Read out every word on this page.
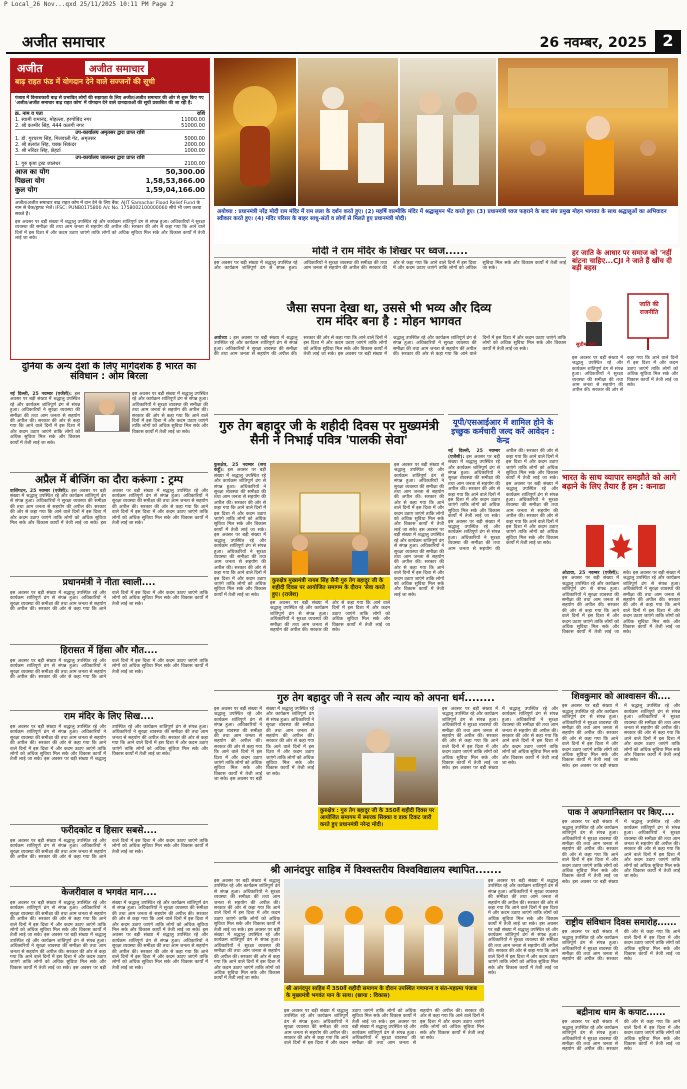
P Local_26 Nov...qxd 25/11/2025 10:11 PM Page 2
अजीत समाचार	26 नवम्बर, 2025 2
अजीत	अजीत समाचार
बाढ़ राहत फंड में योगदान देने वाले सज्जनों की सूची
पंजाब में विनाशकारी बाढ़ से प्रभावित लोगों की सहायता के लिए अजीत/अजीत समाचार की ओर से शुरू किए गए 'अजीत/अजीत समाचार बाढ़ राहत कोष' में योगदान देने वाले दानदाताओं की सूची प्रकाशित की जा रही है:
क्र. नाम व पता	राशि
1. स्वामी रामानंद, मोहल्ला, हरगोबिंद नगर	11000.00
2. श्री कश्मीर सिंह, 444 कलगी नगर	51000.00
उप-कार्यालय अमृतसर द्वारा प्राप्त राशि
1. डॉ. गुरचरण सिंह, गिलवाली गेट, अमृतसर	5000.00
2. श्री बलवंत सिंह, चक्क सिकंदर	2000.00
3. श्री नरिंदर सिंह, छेहर्टा	1000.00
उप-कार्यालय जालन्धर द्वारा प्राप्त राशि
1. गुरु कृपा ट्रस्ट जालंधर	2100.00
आज का योग	50,300.00
पिछला योग	1,58,53,866.00
कुल योग	1,59,04,166.00
अजीत/अजीत समाचार बाढ़ राहत कोष में दान देने के लिए बैंक: AJIT Samachar Flood Relief Fund के नाम से चैक/ड्राफ्ट भेजें। IFSC: PUNB0175800 A/c No. 1758002100000060 सीधे भी जमा करवा सकते हैं।
इस अवसर पर बड़ी संख्या में श्रद्धालु उपस्थित रहे और कार्यक्रम शांतिपूर्ण ढंग से संपन्न हुआ। अधिकारियों ने सुरक्षा व्यवस्था की समीक्षा की तथा आम जनता से सहयोग की अपील की। सरकार की ओर से कहा गया कि आने वाले दिनों में इस दिशा में और कदम उठाए जाएंगे ताकि लोगों को अधिक सुविधा मिल सके और विकास कार्यों में तेजी लाई जा सके।
अयोध्या : प्रधानमंत्री नरेंद्र मोदी राम मंदिर में राम लला के दर्शन करते हुए। (2) महर्षि वाल्मीकि मंदिर में श्रद्धासुमन भेंट करते हुए। (3) प्रधानमंत्री ध्वज फहराने के बाद संघ प्रमुख मोहन भागवत के साथ श्रद्धालुओं का अभिवादन स्वीकार करते हुए। (4) मंदिर परिसर के बाहर साधु-संतों व लोगों से मिलते हुए प्रधानमंत्री मोदी।
मोदी ने राम मंदिर के शिखर पर ध्वज......
इस अवसर पर बड़ी संख्या में श्रद्धालु उपस्थित रहे और कार्यक्रम शांतिपूर्ण ढंग से संपन्न हुआ। अधिकारियों ने सुरक्षा व्यवस्था की समीक्षा की तथा आम जनता से सहयोग की अपील की। सरकार की ओर से कहा गया कि आने वाले दिनों में इस दिशा में और कदम उठाए जाएंगे ताकि लोगों को अधिक सुविधा मिल सके और विकास कार्यों में तेजी लाई जा सके।
जैसा सपना देखा था, उससे भी भव्य और दिव्य राम मंदिर बना है : मोहन भागवत
अयोध्या : इस अवसर पर बड़ी संख्या में श्रद्धालु उपस्थित रहे और कार्यक्रम शांतिपूर्ण ढंग से संपन्न हुआ। अधिकारियों ने सुरक्षा व्यवस्था की समीक्षा की तथा आम जनता से सहयोग की अपील की। सरकार की ओर से कहा गया कि आने वाले दिनों में इस दिशा में और कदम उठाए जाएंगे ताकि लोगों को अधिक सुविधा मिल सके और विकास कार्यों में तेजी लाई जा सके। इस अवसर पर बड़ी संख्या में श्रद्धालु उपस्थित रहे और कार्यक्रम शांतिपूर्ण ढंग से संपन्न हुआ। अधिकारियों ने सुरक्षा व्यवस्था की समीक्षा की तथा आम जनता से सहयोग की अपील की। सरकार की ओर से कहा गया कि आने वाले दिनों में इस दिशा में और कदम उठाए जाएंगे ताकि लोगों को अधिक सुविधा मिल सके और विकास कार्यों में तेजी लाई जा सके।
हर जाति के आधार पर समाज को 'नहीं बांटना चाहिए...CJI ने जाते हैं खींच दी बड़ी बहस
जाति की राजनीति
सुप्रीम कोर्ट
इस अवसर पर बड़ी संख्या में श्रद्धालु उपस्थित रहे और कार्यक्रम शांतिपूर्ण ढंग से संपन्न हुआ। अधिकारियों ने सुरक्षा व्यवस्था की समीक्षा की तथा आम जनता से सहयोग की अपील की। सरकार की ओर से कहा गया कि आने वाले दिनों में इस दिशा में और कदम उठाए जाएंगे ताकि लोगों को अधिक सुविधा मिल सके और विकास कार्यों में तेजी लाई जा सके।
दुनिया के अन्य देशों के लिए मार्गदर्शक है भारत का संविधान : ओम बिरला
नई दिल्ली, 25 नवम्बर (एजेंसी): इस अवसर पर बड़ी संख्या में श्रद्धालु उपस्थित रहे और कार्यक्रम शांतिपूर्ण ढंग से संपन्न हुआ। अधिकारियों ने सुरक्षा व्यवस्था की समीक्षा की तथा आम जनता से सहयोग की अपील की। सरकार की ओर से कहा गया कि आने वाले दिनों में इस दिशा में और कदम उठाए जाएंगे ताकि लोगों को अधिक सुविधा मिल सके और विकास कार्यों में तेजी लाई जा सके।
इस अवसर पर बड़ी संख्या में श्रद्धालु उपस्थित रहे और कार्यक्रम शांतिपूर्ण ढंग से संपन्न हुआ। अधिकारियों ने सुरक्षा व्यवस्था की समीक्षा की तथा आम जनता से सहयोग की अपील की। सरकार की ओर से कहा गया कि आने वाले दिनों में इस दिशा में और कदम उठाए जाएंगे ताकि लोगों को अधिक सुविधा मिल सके और विकास कार्यों में तेजी लाई जा सके।
अप्रैल में बीजिंग का दौरा करूंगा : ट्रम्प
वाशिंगटन, 25 नवम्बर (एजेंसी): इस अवसर पर बड़ी संख्या में श्रद्धालु उपस्थित रहे और कार्यक्रम शांतिपूर्ण ढंग से संपन्न हुआ। अधिकारियों ने सुरक्षा व्यवस्था की समीक्षा की तथा आम जनता से सहयोग की अपील की। सरकार की ओर से कहा गया कि आने वाले दिनों में इस दिशा में और कदम उठाए जाएंगे ताकि लोगों को अधिक सुविधा मिल सके और विकास कार्यों में तेजी लाई जा सके। इस अवसर पर बड़ी संख्या में श्रद्धालु उपस्थित रहे और कार्यक्रम शांतिपूर्ण ढंग से संपन्न हुआ। अधिकारियों ने सुरक्षा व्यवस्था की समीक्षा की तथा आम जनता से सहयोग की अपील की। सरकार की ओर से कहा गया कि आने वाले दिनों में इस दिशा में और कदम उठाए जाएंगे ताकि लोगों को अधिक सुविधा मिल सके और विकास कार्यों में तेजी लाई जा सके।
प्रधानमंत्री ने नीता स्वाली....
इस अवसर पर बड़ी संख्या में श्रद्धालु उपस्थित रहे और कार्यक्रम शांतिपूर्ण ढंग से संपन्न हुआ। अधिकारियों ने सुरक्षा व्यवस्था की समीक्षा की तथा आम जनता से सहयोग की अपील की। सरकार की ओर से कहा गया कि आने वाले दिनों में इस दिशा में और कदम उठाए जाएंगे ताकि लोगों को अधिक सुविधा मिल सके और विकास कार्यों में तेजी लाई जा सके।
हिरासत में हिंसा और मौत....
इस अवसर पर बड़ी संख्या में श्रद्धालु उपस्थित रहे और कार्यक्रम शांतिपूर्ण ढंग से संपन्न हुआ। अधिकारियों ने सुरक्षा व्यवस्था की समीक्षा की तथा आम जनता से सहयोग की अपील की। सरकार की ओर से कहा गया कि आने वाले दिनों में इस दिशा में और कदम उठाए जाएंगे ताकि लोगों को अधिक सुविधा मिल सके और विकास कार्यों में तेजी लाई जा सके।
राम मंदिर के लिए सिख....
इस अवसर पर बड़ी संख्या में श्रद्धालु उपस्थित रहे और कार्यक्रम शांतिपूर्ण ढंग से संपन्न हुआ। अधिकारियों ने सुरक्षा व्यवस्था की समीक्षा की तथा आम जनता से सहयोग की अपील की। सरकार की ओर से कहा गया कि आने वाले दिनों में इस दिशा में और कदम उठाए जाएंगे ताकि लोगों को अधिक सुविधा मिल सके और विकास कार्यों में तेजी लाई जा सके। इस अवसर पर बड़ी संख्या में श्रद्धालु उपस्थित रहे और कार्यक्रम शांतिपूर्ण ढंग से संपन्न हुआ। अधिकारियों ने सुरक्षा व्यवस्था की समीक्षा की तथा आम जनता से सहयोग की अपील की। सरकार की ओर से कहा गया कि आने वाले दिनों में इस दिशा में और कदम उठाए जाएंगे ताकि लोगों को अधिक सुविधा मिल सके और विकास कार्यों में तेजी लाई जा सके।
फरीदकोट व हिसार सबसे....
इस अवसर पर बड़ी संख्या में श्रद्धालु उपस्थित रहे और कार्यक्रम शांतिपूर्ण ढंग से संपन्न हुआ। अधिकारियों ने सुरक्षा व्यवस्था की समीक्षा की तथा आम जनता से सहयोग की अपील की। सरकार की ओर से कहा गया कि आने वाले दिनों में इस दिशा में और कदम उठाए जाएंगे ताकि लोगों को अधिक सुविधा मिल सके और विकास कार्यों में तेजी लाई जा सके।
केजरीवाल व भगवंत मान....
इस अवसर पर बड़ी संख्या में श्रद्धालु उपस्थित रहे और कार्यक्रम शांतिपूर्ण ढंग से संपन्न हुआ। अधिकारियों ने सुरक्षा व्यवस्था की समीक्षा की तथा आम जनता से सहयोग की अपील की। सरकार की ओर से कहा गया कि आने वाले दिनों में इस दिशा में और कदम उठाए जाएंगे ताकि लोगों को अधिक सुविधा मिल सके और विकास कार्यों में तेजी लाई जा सके। इस अवसर पर बड़ी संख्या में श्रद्धालु उपस्थित रहे और कार्यक्रम शांतिपूर्ण ढंग से संपन्न हुआ। अधिकारियों ने सुरक्षा व्यवस्था की समीक्षा की तथा आम जनता से सहयोग की अपील की। सरकार की ओर से कहा गया कि आने वाले दिनों में इस दिशा में और कदम उठाए जाएंगे ताकि लोगों को अधिक सुविधा मिल सके और विकास कार्यों में तेजी लाई जा सके। इस अवसर पर बड़ी संख्या में श्रद्धालु उपस्थित रहे और कार्यक्रम शांतिपूर्ण ढंग से संपन्न हुआ। अधिकारियों ने सुरक्षा व्यवस्था की समीक्षा की तथा आम जनता से सहयोग की अपील की। सरकार की ओर से कहा गया कि आने वाले दिनों में इस दिशा में और कदम उठाए जाएंगे ताकि लोगों को अधिक सुविधा मिल सके और विकास कार्यों में तेजी लाई जा सके। इस अवसर पर बड़ी संख्या में श्रद्धालु उपस्थित रहे और कार्यक्रम शांतिपूर्ण ढंग से संपन्न हुआ। अधिकारियों ने सुरक्षा व्यवस्था की समीक्षा की तथा आम जनता से सहयोग की अपील की। सरकार की ओर से कहा गया कि आने वाले दिनों में इस दिशा में और कदम उठाए जाएंगे ताकि लोगों को अधिक सुविधा मिल सके और विकास कार्यों में तेजी लाई जा सके।
गुरु तेग बहादुर जी के शहीदी दिवस पर मुख्यमंत्री सैनी ने निभाई पवित्र 'पालकी सेवा'
कुरुक्षेत्र, 25 नवम्बर (सच कहूँ): इस अवसर पर बड़ी संख्या में श्रद्धालु उपस्थित रहे और कार्यक्रम शांतिपूर्ण ढंग से संपन्न हुआ। अधिकारियों ने सुरक्षा व्यवस्था की समीक्षा की तथा आम जनता से सहयोग की अपील की। सरकार की ओर से कहा गया कि आने वाले दिनों में इस दिशा में और कदम उठाए जाएंगे ताकि लोगों को अधिक सुविधा मिल सके और विकास कार्यों में तेजी लाई जा सके। इस अवसर पर बड़ी संख्या में श्रद्धालु उपस्थित रहे और कार्यक्रम शांतिपूर्ण ढंग से संपन्न हुआ। अधिकारियों ने सुरक्षा व्यवस्था की समीक्षा की तथा आम जनता से सहयोग की अपील की। सरकार की ओर से कहा गया कि आने वाले दिनों में इस दिशा में और कदम उठाए जाएंगे ताकि लोगों को अधिक सुविधा मिल सके और विकास कार्यों में तेजी लाई जा सके।
कुरुक्षेत्र मुख्यमंत्री नायब सिंह सैनी गुरु तेग बहादुर जी के शहीदी दिवस पर आयोजित समागम के दौरान 'सेवा करते हुए। (राजेश)
इस अवसर पर बड़ी संख्या में श्रद्धालु उपस्थित रहे और कार्यक्रम शांतिपूर्ण ढंग से संपन्न हुआ। अधिकारियों ने सुरक्षा व्यवस्था की समीक्षा की तथा आम जनता से सहयोग की अपील की। सरकार की ओर से कहा गया कि आने वाले दिनों में इस दिशा में और कदम उठाए जाएंगे ताकि लोगों को अधिक सुविधा मिल सके और विकास कार्यों में तेजी लाई जा सके। इस अवसर पर बड़ी संख्या में श्रद्धालु उपस्थित रहे और कार्यक्रम शांतिपूर्ण ढंग से संपन्न हुआ। अधिकारियों ने सुरक्षा व्यवस्था की समीक्षा की तथा आम जनता से सहयोग की अपील की। सरकार की ओर से कहा गया कि आने वाले दिनों में इस दिशा में और कदम उठाए जाएंगे ताकि लोगों को अधिक सुविधा मिल सके और विकास कार्यों में तेजी लाई जा सके।
इस अवसर पर बड़ी संख्या में श्रद्धालु उपस्थित रहे और कार्यक्रम शांतिपूर्ण ढंग से संपन्न हुआ। अधिकारियों ने सुरक्षा व्यवस्था की समीक्षा की तथा आम जनता से सहयोग की अपील की। सरकार की ओर से कहा गया कि आने वाले दिनों में इस दिशा में और कदम उठाए जाएंगे ताकि लोगों को अधिक सुविधा मिल सके और विकास कार्यों में तेजी लाई जा सके।
यूपी/एसआईआर में शामिल होने के इच्छुक कर्मचारी जल्द करें आवेदन : केन्द्र
नई दिल्ली, 25 नवम्बर (एजेंसी): इस अवसर पर बड़ी संख्या में श्रद्धालु उपस्थित रहे और कार्यक्रम शांतिपूर्ण ढंग से संपन्न हुआ। अधिकारियों ने सुरक्षा व्यवस्था की समीक्षा की तथा आम जनता से सहयोग की अपील की। सरकार की ओर से कहा गया कि आने वाले दिनों में इस दिशा में और कदम उठाए जाएंगे ताकि लोगों को अधिक सुविधा मिल सके और विकास कार्यों में तेजी लाई जा सके। इस अवसर पर बड़ी संख्या में श्रद्धालु उपस्थित रहे और कार्यक्रम शांतिपूर्ण ढंग से संपन्न हुआ। अधिकारियों ने सुरक्षा व्यवस्था की समीक्षा की तथा आम जनता से सहयोग की अपील की। सरकार की ओर से कहा गया कि आने वाले दिनों में इस दिशा में और कदम उठाए जाएंगे ताकि लोगों को अधिक सुविधा मिल सके और विकास कार्यों में तेजी लाई जा सके। इस अवसर पर बड़ी संख्या में श्रद्धालु उपस्थित रहे और कार्यक्रम शांतिपूर्ण ढंग से संपन्न हुआ। अधिकारियों ने सुरक्षा व्यवस्था की समीक्षा की तथा आम जनता से सहयोग की अपील की। सरकार की ओर से कहा गया कि आने वाले दिनों में इस दिशा में और कदम उठाए जाएंगे ताकि लोगों को अधिक सुविधा मिल सके और विकास कार्यों में तेजी लाई जा सके।
भारत के साथ व्यापार समझौते को आगे बढ़ाने के लिए तैयार हैं हम : कनाडा
ओटावा, 25 नवम्बर (एजेंसी): इस अवसर पर बड़ी संख्या में श्रद्धालु उपस्थित रहे और कार्यक्रम शांतिपूर्ण ढंग से संपन्न हुआ। अधिकारियों ने सुरक्षा व्यवस्था की समीक्षा की तथा आम जनता से सहयोग की अपील की। सरकार की ओर से कहा गया कि आने वाले दिनों में इस दिशा में और कदम उठाए जाएंगे ताकि लोगों को अधिक सुविधा मिल सके और विकास कार्यों में तेजी लाई जा सके। इस अवसर पर बड़ी संख्या में श्रद्धालु उपस्थित रहे और कार्यक्रम शांतिपूर्ण ढंग से संपन्न हुआ। अधिकारियों ने सुरक्षा व्यवस्था की समीक्षा की तथा आम जनता से सहयोग की अपील की। सरकार की ओर से कहा गया कि आने वाले दिनों में इस दिशा में और कदम उठाए जाएंगे ताकि लोगों को अधिक सुविधा मिल सके और विकास कार्यों में तेजी लाई जा सके।
गुरु तेग बहादुर जी ने सत्य और न्याय को अपना धर्म........
इस अवसर पर बड़ी संख्या में श्रद्धालु उपस्थित रहे और कार्यक्रम शांतिपूर्ण ढंग से संपन्न हुआ। अधिकारियों ने सुरक्षा व्यवस्था की समीक्षा की तथा आम जनता से सहयोग की अपील की। सरकार की ओर से कहा गया कि आने वाले दिनों में इस दिशा में और कदम उठाए जाएंगे ताकि लोगों को अधिक सुविधा मिल सके और विकास कार्यों में तेजी लाई जा सके। इस अवसर पर बड़ी संख्या में श्रद्धालु उपस्थित रहे और कार्यक्रम शांतिपूर्ण ढंग से संपन्न हुआ। अधिकारियों ने सुरक्षा व्यवस्था की समीक्षा की तथा आम जनता से सहयोग की अपील की। सरकार की ओर से कहा गया कि आने वाले दिनों में इस दिशा में और कदम उठाए जाएंगे ताकि लोगों को अधिक सुविधा मिल सके और विकास कार्यों में तेजी लाई जा सके।
कुरुक्षेत्र : गुरु तेग बहादुर जी के 350वें शहीदी दिवस पर आयोजित समागम में स्मारक सिक्का व डाक टिकट जारी करते हुए प्रधानमंत्री नरेन्द्र मोदी।
इस अवसर पर बड़ी संख्या में श्रद्धालु उपस्थित रहे और कार्यक्रम शांतिपूर्ण ढंग से संपन्न हुआ। अधिकारियों ने सुरक्षा व्यवस्था की समीक्षा की तथा आम जनता से सहयोग की अपील की। सरकार की ओर से कहा गया कि आने वाले दिनों में इस दिशा में और कदम उठाए जाएंगे ताकि लोगों को अधिक सुविधा मिल सके और विकास कार्यों में तेजी लाई जा सके। इस अवसर पर बड़ी संख्या में श्रद्धालु उपस्थित रहे और कार्यक्रम शांतिपूर्ण ढंग से संपन्न हुआ। अधिकारियों ने सुरक्षा व्यवस्था की समीक्षा की तथा आम जनता से सहयोग की अपील की। सरकार की ओर से कहा गया कि आने वाले दिनों में इस दिशा में और कदम उठाए जाएंगे ताकि लोगों को अधिक सुविधा मिल सके और विकास कार्यों में तेजी लाई जा सके।
शिवकुमार को आश्वासन की....
इस अवसर पर बड़ी संख्या में श्रद्धालु उपस्थित रहे और कार्यक्रम शांतिपूर्ण ढंग से संपन्न हुआ। अधिकारियों ने सुरक्षा व्यवस्था की समीक्षा की तथा आम जनता से सहयोग की अपील की। सरकार की ओर से कहा गया कि आने वाले दिनों में इस दिशा में और कदम उठाए जाएंगे ताकि लोगों को अधिक सुविधा मिल सके और विकास कार्यों में तेजी लाई जा सके। इस अवसर पर बड़ी संख्या में श्रद्धालु उपस्थित रहे और कार्यक्रम शांतिपूर्ण ढंग से संपन्न हुआ। अधिकारियों ने सुरक्षा व्यवस्था की समीक्षा की तथा आम जनता से सहयोग की अपील की। सरकार की ओर से कहा गया कि आने वाले दिनों में इस दिशा में और कदम उठाए जाएंगे ताकि लोगों को अधिक सुविधा मिल सके और विकास कार्यों में तेजी लाई जा सके।
पाक ने अफगानिस्तान पर किए....
इस अवसर पर बड़ी संख्या में श्रद्धालु उपस्थित रहे और कार्यक्रम शांतिपूर्ण ढंग से संपन्न हुआ। अधिकारियों ने सुरक्षा व्यवस्था की समीक्षा की तथा आम जनता से सहयोग की अपील की। सरकार की ओर से कहा गया कि आने वाले दिनों में इस दिशा में और कदम उठाए जाएंगे ताकि लोगों को अधिक सुविधा मिल सके और विकास कार्यों में तेजी लाई जा सके। इस अवसर पर बड़ी संख्या में श्रद्धालु उपस्थित रहे और कार्यक्रम शांतिपूर्ण ढंग से संपन्न हुआ। अधिकारियों ने सुरक्षा व्यवस्था की समीक्षा की तथा आम जनता से सहयोग की अपील की। सरकार की ओर से कहा गया कि आने वाले दिनों में इस दिशा में और कदम उठाए जाएंगे ताकि लोगों को अधिक सुविधा मिल सके और विकास कार्यों में तेजी लाई जा सके।
श्री आनंदपुर साहिब में विश्वस्तरीय विश्वविद्यालय स्थापित.......
इस अवसर पर बड़ी संख्या में श्रद्धालु उपस्थित रहे और कार्यक्रम शांतिपूर्ण ढंग से संपन्न हुआ। अधिकारियों ने सुरक्षा व्यवस्था की समीक्षा की तथा आम जनता से सहयोग की अपील की। सरकार की ओर से कहा गया कि आने वाले दिनों में इस दिशा में और कदम उठाए जाएंगे ताकि लोगों को अधिक सुविधा मिल सके और विकास कार्यों में तेजी लाई जा सके। इस अवसर पर बड़ी संख्या में श्रद्धालु उपस्थित रहे और कार्यक्रम शांतिपूर्ण ढंग से संपन्न हुआ। अधिकारियों ने सुरक्षा व्यवस्था की समीक्षा की तथा आम जनता से सहयोग की अपील की। सरकार की ओर से कहा गया कि आने वाले दिनों में इस दिशा में और कदम उठाए जाएंगे ताकि लोगों को अधिक सुविधा मिल सके और विकास कार्यों में तेजी लाई जा सके।
श्री आनंदपुर साहिब में 350वें शहीदी समागम के दौरान उपस्थित गणमान्य व संत-महात्मा पंजाब के मुख्यमंत्री भगवंत मान के साथ। (छाया : विकास)
इस अवसर पर बड़ी संख्या में श्रद्धालु उपस्थित रहे और कार्यक्रम शांतिपूर्ण ढंग से संपन्न हुआ। अधिकारियों ने सुरक्षा व्यवस्था की समीक्षा की तथा आम जनता से सहयोग की अपील की। सरकार की ओर से कहा गया कि आने वाले दिनों में इस दिशा में और कदम उठाए जाएंगे ताकि लोगों को अधिक सुविधा मिल सके और विकास कार्यों में तेजी लाई जा सके। इस अवसर पर बड़ी संख्या में श्रद्धालु उपस्थित रहे और कार्यक्रम शांतिपूर्ण ढंग से संपन्न हुआ। अधिकारियों ने सुरक्षा व्यवस्था की समीक्षा की तथा आम जनता से सहयोग की अपील की। सरकार की ओर से कहा गया कि आने वाले दिनों में इस दिशा में और कदम उठाए जाएंगे ताकि लोगों को अधिक सुविधा मिल सके और विकास कार्यों में तेजी लाई जा सके।
इस अवसर पर बड़ी संख्या में श्रद्धालु उपस्थित रहे और कार्यक्रम शांतिपूर्ण ढंग से संपन्न हुआ। अधिकारियों ने सुरक्षा व्यवस्था की समीक्षा की तथा आम जनता से सहयोग की अपील की। सरकार की ओर से कहा गया कि आने वाले दिनों में इस दिशा में और कदम उठाए जाएंगे ताकि लोगों को अधिक सुविधा मिल सके और विकास कार्यों में तेजी लाई जा सके। इस अवसर पर बड़ी संख्या में श्रद्धालु उपस्थित रहे और कार्यक्रम शांतिपूर्ण ढंग से संपन्न हुआ। अधिकारियों ने सुरक्षा व्यवस्था की समीक्षा की तथा आम जनता से सहयोग की अपील की। सरकार की ओर से कहा गया कि आने वाले दिनों में इस दिशा में और कदम उठाए जाएंगे ताकि लोगों को अधिक सुविधा मिल सके और विकास कार्यों में तेजी लाई जा सके।
राष्ट्रीय संविधान दिवस समारोह......
इस अवसर पर बड़ी संख्या में श्रद्धालु उपस्थित रहे और कार्यक्रम शांतिपूर्ण ढंग से संपन्न हुआ। अधिकारियों ने सुरक्षा व्यवस्था की समीक्षा की तथा आम जनता से सहयोग की अपील की। सरकार की ओर से कहा गया कि आने वाले दिनों में इस दिशा में और कदम उठाए जाएंगे ताकि लोगों को अधिक सुविधा मिल सके और विकास कार्यों में तेजी लाई जा सके।
बद्रीनाथ धाम के कपाट......
इस अवसर पर बड़ी संख्या में श्रद्धालु उपस्थित रहे और कार्यक्रम शांतिपूर्ण ढंग से संपन्न हुआ। अधिकारियों ने सुरक्षा व्यवस्था की समीक्षा की तथा आम जनता से सहयोग की अपील की। सरकार की ओर से कहा गया कि आने वाले दिनों में इस दिशा में और कदम उठाए जाएंगे ताकि लोगों को अधिक सुविधा मिल सके और विकास कार्यों में तेजी लाई जा सके।
